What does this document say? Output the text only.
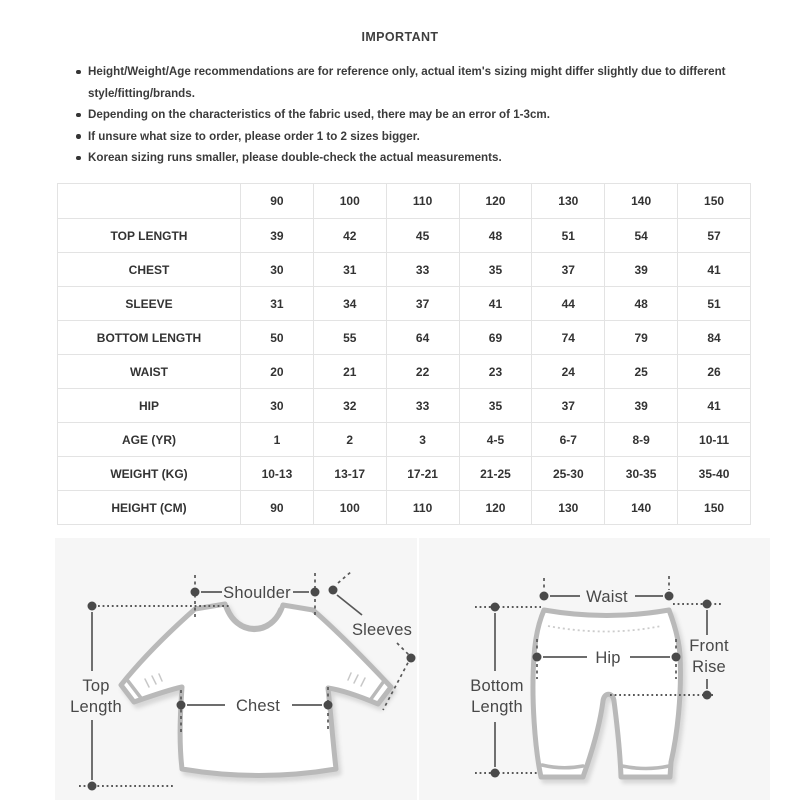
IMPORTANT
Height/Weight/Age recommendations are for reference only, actual item's sizing might differ slightly due to different style/fitting/brands.
Depending on the characteristics of the fabric used, there may be an error of 1-3cm.
If unsure what size to order, please order 1 to 2 sizes bigger.
Korean sizing runs smaller, please double-check the actual measurements.
	90	100	110	120	130	140	150
TOP LENGTH	39	42	45	48	51	54	57
CHEST	30	31	33	35	37	39	41
SLEEVE	31	34	37	41	44	48	51
BOTTOM LENGTH	50	55	64	69	74	79	84
WAIST	20	21	22	23	24	25	26
HIP	30	32	33	35	37	39	41
AGE (YR)	1	2	3	4-5	6-7	8-9	10-11
WEIGHT (KG)	10-13	13-17	17-21	21-25	25-30	30-35	35-40
HEIGHT (CM)	90	100	110	120	130	140	150
Shoulder
Sleeves
Top
Length	Chest
Waist
Bottom
Length
Hip
Front
Rise
